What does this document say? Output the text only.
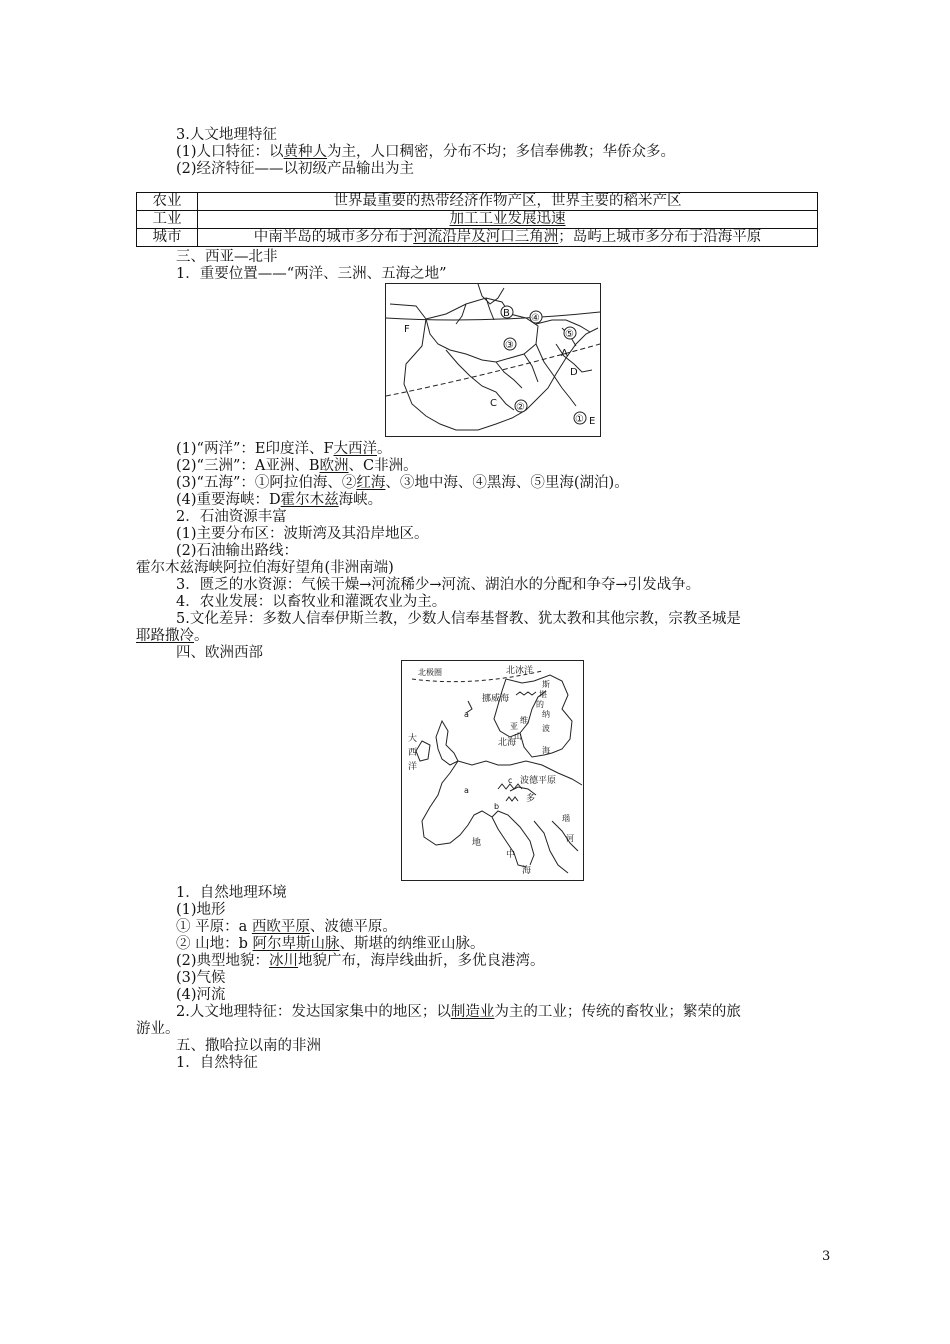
3.人文地理特征
(1)人口特征：以黄种人为主，人口稠密，分布不均；多信奉佛教；华侨众多。
(2)经济特征——以初级产品输出为主
农业	世界最重要的热带经济作物产区，世界主要的稻米产区
工业	加工工业发展迅速
城市	中南半岛的城市多分布于河流沿岸及河口三角洲；岛屿上城市多分布于沿海平原
三、西亚—北非
1．重要位置——“两洋、三洲、五海之地”
F
B ④
⑤
③
A
D
C ②
① E
(1)“两洋”：E印度洋、F大西洋。
(2)“三洲”：A亚洲、B欧洲、C非洲。
(3)“五海”：①阿拉伯海、②红海、③地中海、④黑海、⑤里海(湖泊)。
(4)重要海峡：D霍尔木兹海峡。
2．石油资源丰富
(1)主要分布区：波斯湾及其沿岸地区。
(2)石油输出路线：
霍尔木兹海峡阿拉伯海好望角(非洲南端)
3．匮乏的水资源：气候干燥→河流稀少→河流、湖泊水的分配和争夺→引发战争。
4．农业发展：以畜牧业和灌溉农业为主。
5.文化差异：多数人信奉伊斯兰教，少数人信奉基督教、犹太教和其他宗教，宗教圣城是
耶路撒冷。
四、欧洲西部
北极圈	北冰洋
挪威海
斯
堪
的
纳
维
亚
山
波
海
北海
大
西
洋
a
a
c
b
波德平原
多
瑙
河
地
中
海
1．自然地理环境
(1)地形
① 平原：a 西欧平原、波德平原。
② 山地：b 阿尔卑斯山脉、斯堪的纳维亚山脉。
(2)典型地貌：冰川地貌广布，海岸线曲折，多优良港湾。
(3)气候
(4)河流
2.人文地理特征：发达国家集中的地区；以制造业为主的工业；传统的畜牧业；繁荣的旅
游业。
五、撒哈拉以南的非洲
1．自然特征
3
